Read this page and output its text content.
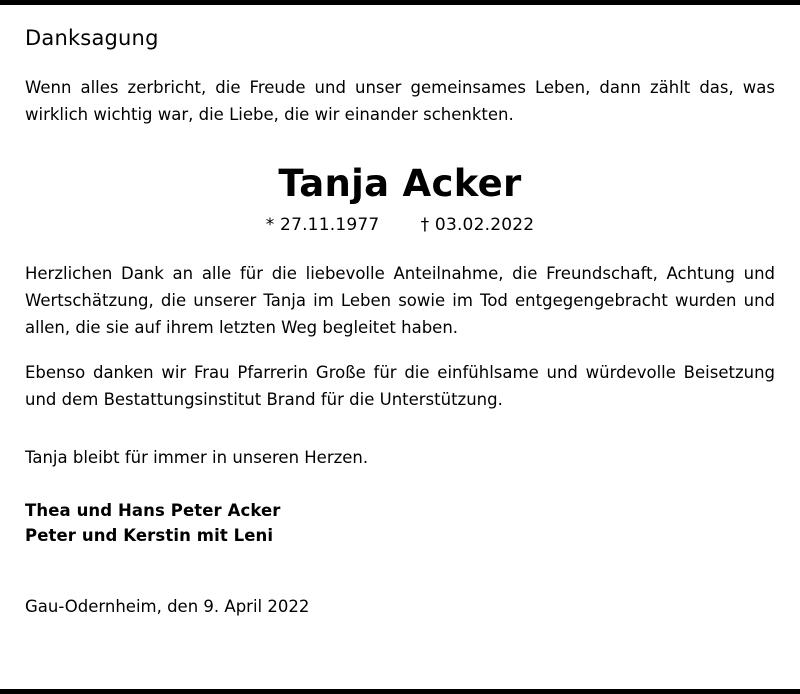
Danksagung

Wenn alles zerbricht, die Freude und unser gemeinsames Leben, dann zählt das, was wirklich wichtig war, die Liebe, die wir einander schenkten.

Tanja Acker
* 27.11.1977 † 03.02.2022

Herzlichen Dank an alle für die liebevolle Anteilnahme, die Freundschaft, Achtung und Wertschätzung, die unserer Tanja im Leben sowie im Tod entgegengebracht wurden und allen, die sie auf ihrem letzten Weg begleitet haben.

Ebenso danken wir Frau Pfarrerin Große für die einfühlsame und würdevolle Beisetzung und dem Bestattungsinstitut Brand für die Unterstützung.

Tanja bleibt für immer in unseren Herzen.

Thea und Hans Peter Acker
Peter und Kerstin mit Leni
Gau-Odernheim, den 9. April 2022
